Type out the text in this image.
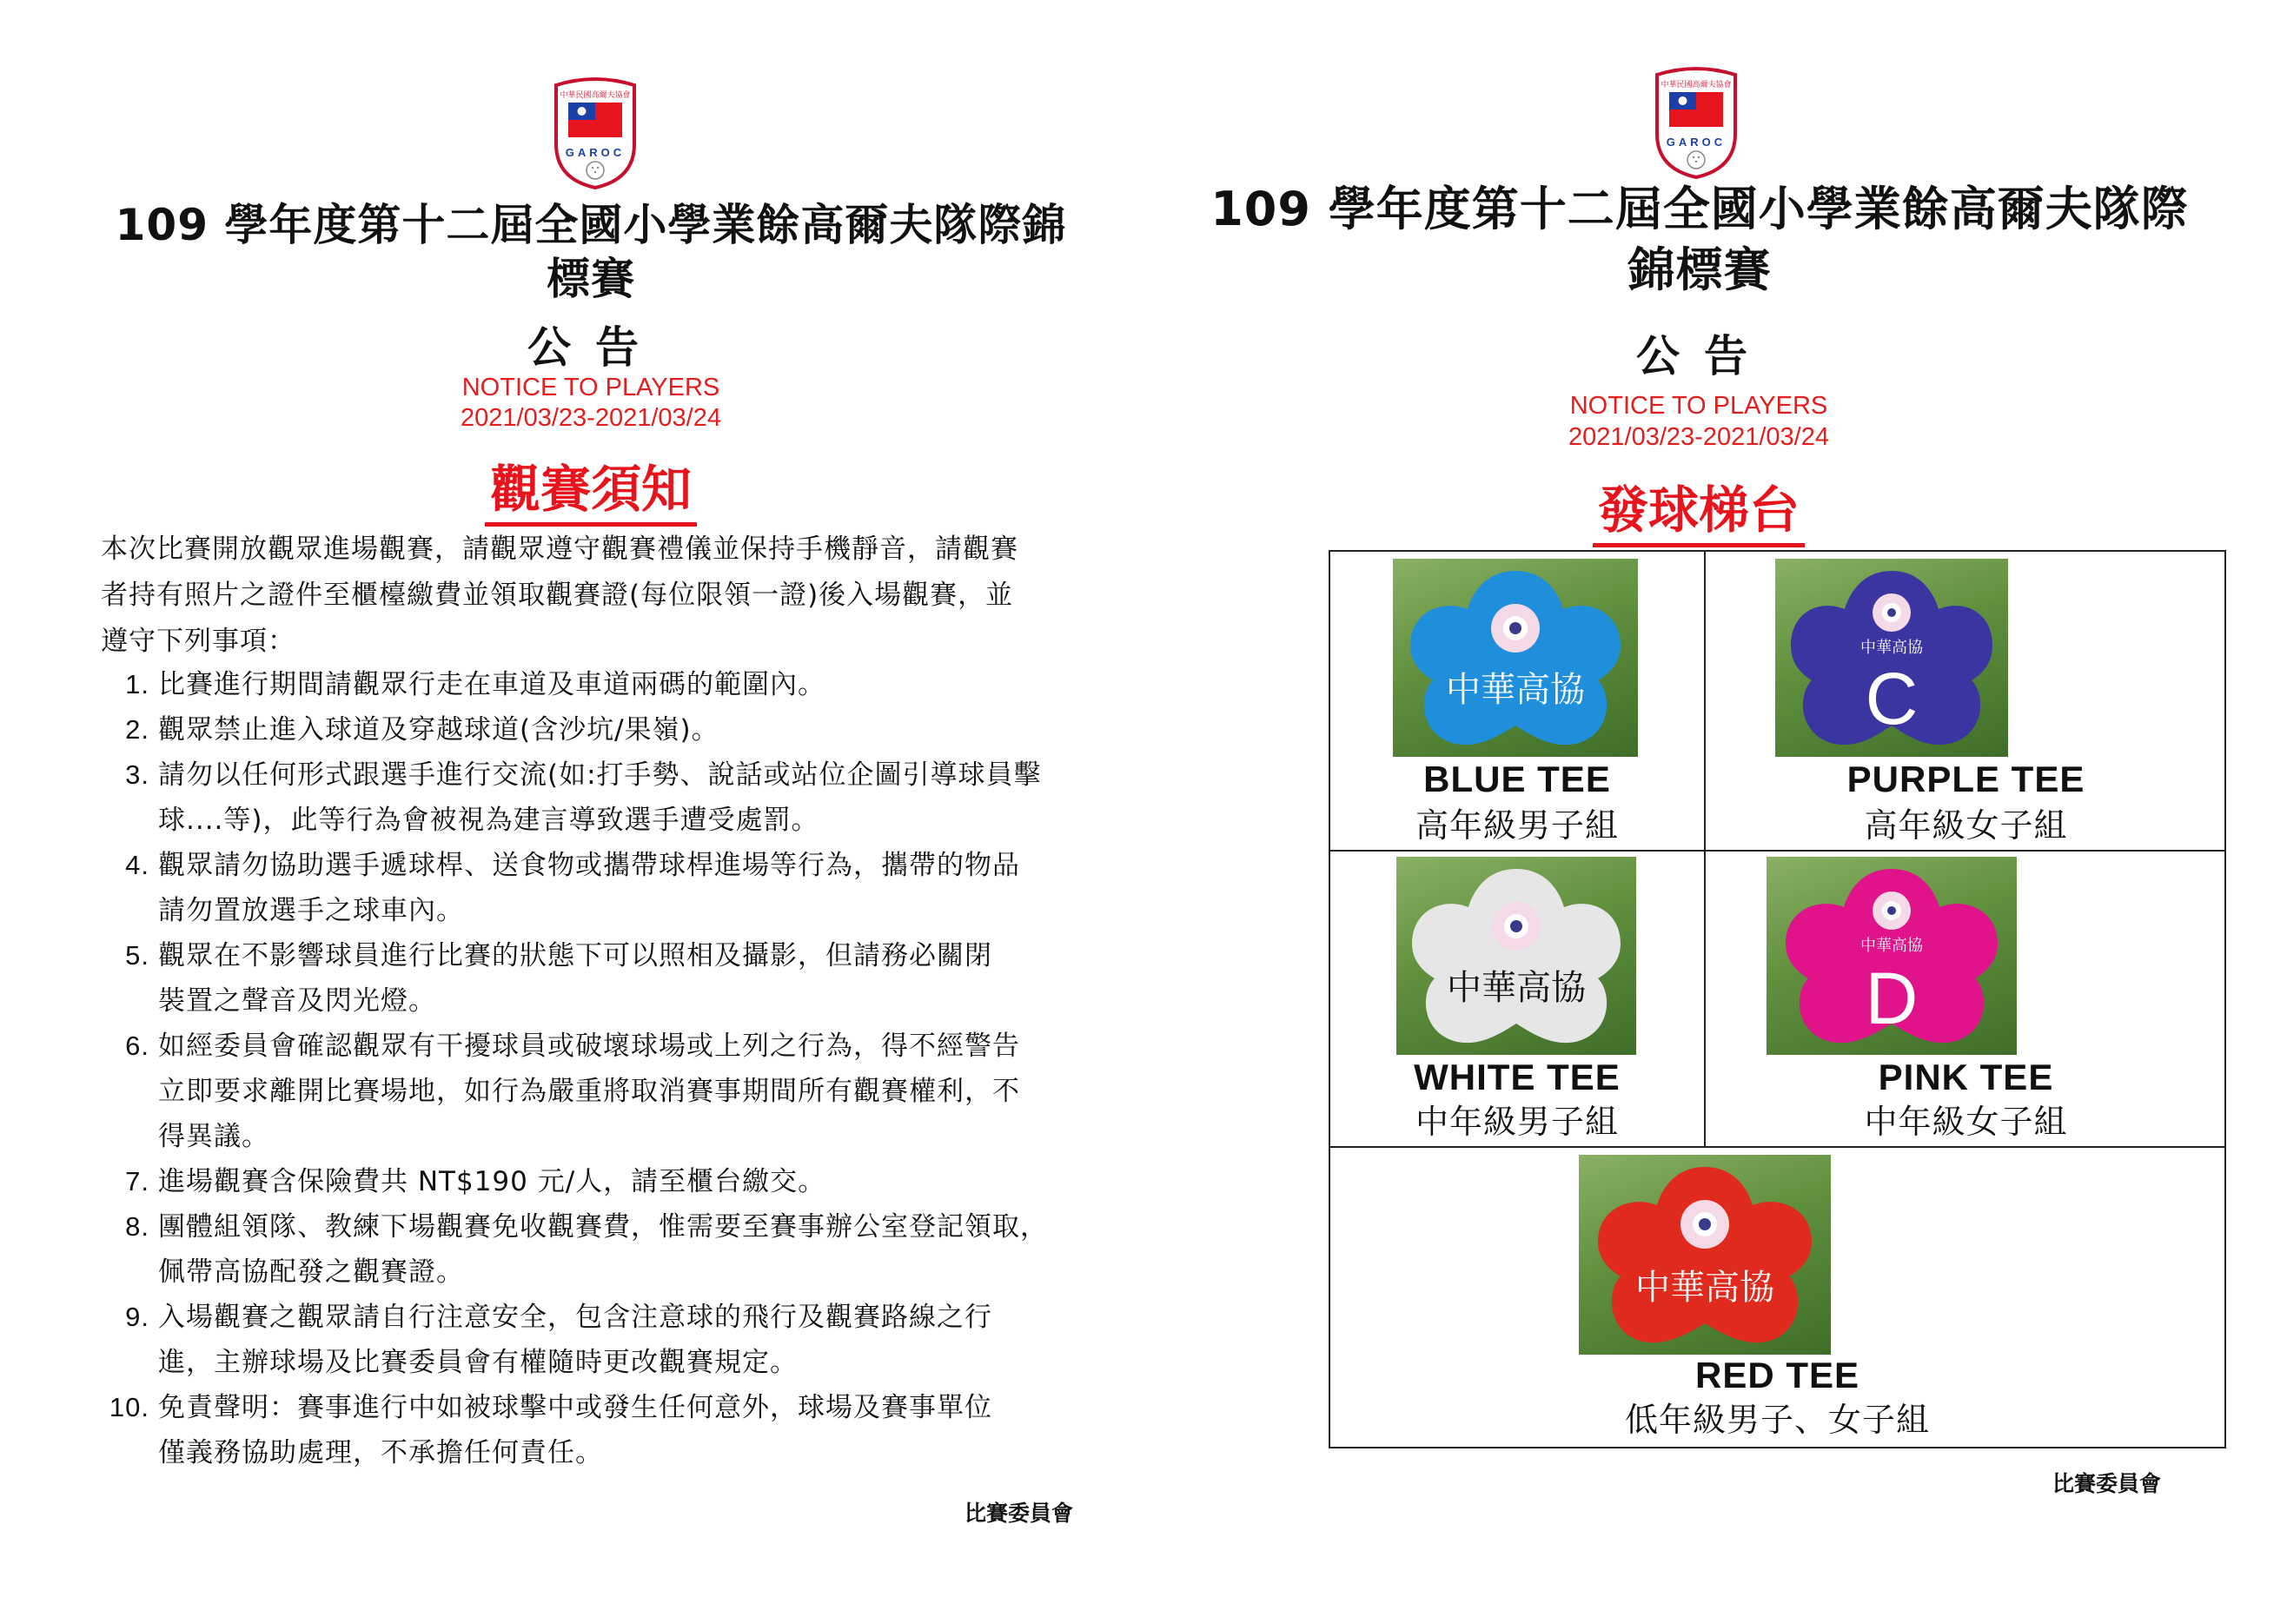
中華民國高爾夫協會
GAROC
109 學年度第十二屆全國小學業餘高爾夫隊際錦
標賽
公告
NOTICE TO PLAYERS
2021/03/23-2021/03/24
觀賽須知
本次比賽開放觀眾進場觀賽，請觀眾遵守觀賽禮儀並保持手機靜音，請觀賽
者持有照片之證件至櫃檯繳費並領取觀賽證(每位限領一證)後入場觀賽，並
遵守下列事項：
1. 比賽進行期間請觀眾行走在車道及車道兩碼的範圍內。
2. 觀眾禁止進入球道及穿越球道(含沙坑/果嶺)。
3. 請勿以任何形式跟選手進行交流(如:打手勢、說話或站位企圖引導球員擊
球....等)，此等行為會被視為建言導致選手遭受處罰。
4. 觀眾請勿協助選手遞球桿、送食物或攜帶球桿進場等行為，攜帶的物品
請勿置放選手之球車內。
5. 觀眾在不影響球員進行比賽的狀態下可以照相及攝影，但請務必關閉
裝置之聲音及閃光燈。
6. 如經委員會確認觀眾有干擾球員或破壞球場或上列之行為，得不經警告
立即要求離開比賽場地，如行為嚴重將取消賽事期間所有觀賽權利，不
得異議。
7. 進場觀賽含保險費共 NT$190 元/人，請至櫃台繳交。
8. 團體組領隊、教練下場觀賽免收觀賽費，惟需要至賽事辦公室登記領取，
佩帶高協配發之觀賽證。
9. 入場觀賽之觀眾請自行注意安全，包含注意球的飛行及觀賽路線之行
進，主辦球場及比賽委員會有權隨時更改觀賽規定。
10. 免責聲明：賽事進行中如被球擊中或發生任何意外，球場及賽事單位
僅義務協助處理，不承擔任何責任。
比賽委員會
中華民國高爾夫協會
GAROC
109 學年度第十二屆全國小學業餘高爾夫隊際
錦標賽
公告
NOTICE TO PLAYERS
2021/03/23-2021/03/24
發球梯台
中華高協
BLUE TEE
高年級男子組
中華高協
C
PURPLE TEE
高年級女子組
中華高協
WHITE TEE
中年級男子組
中華高協
D
PINK TEE
中年級女子組
中華高協
RED TEE
低年級男子、女子組
比賽委員會
